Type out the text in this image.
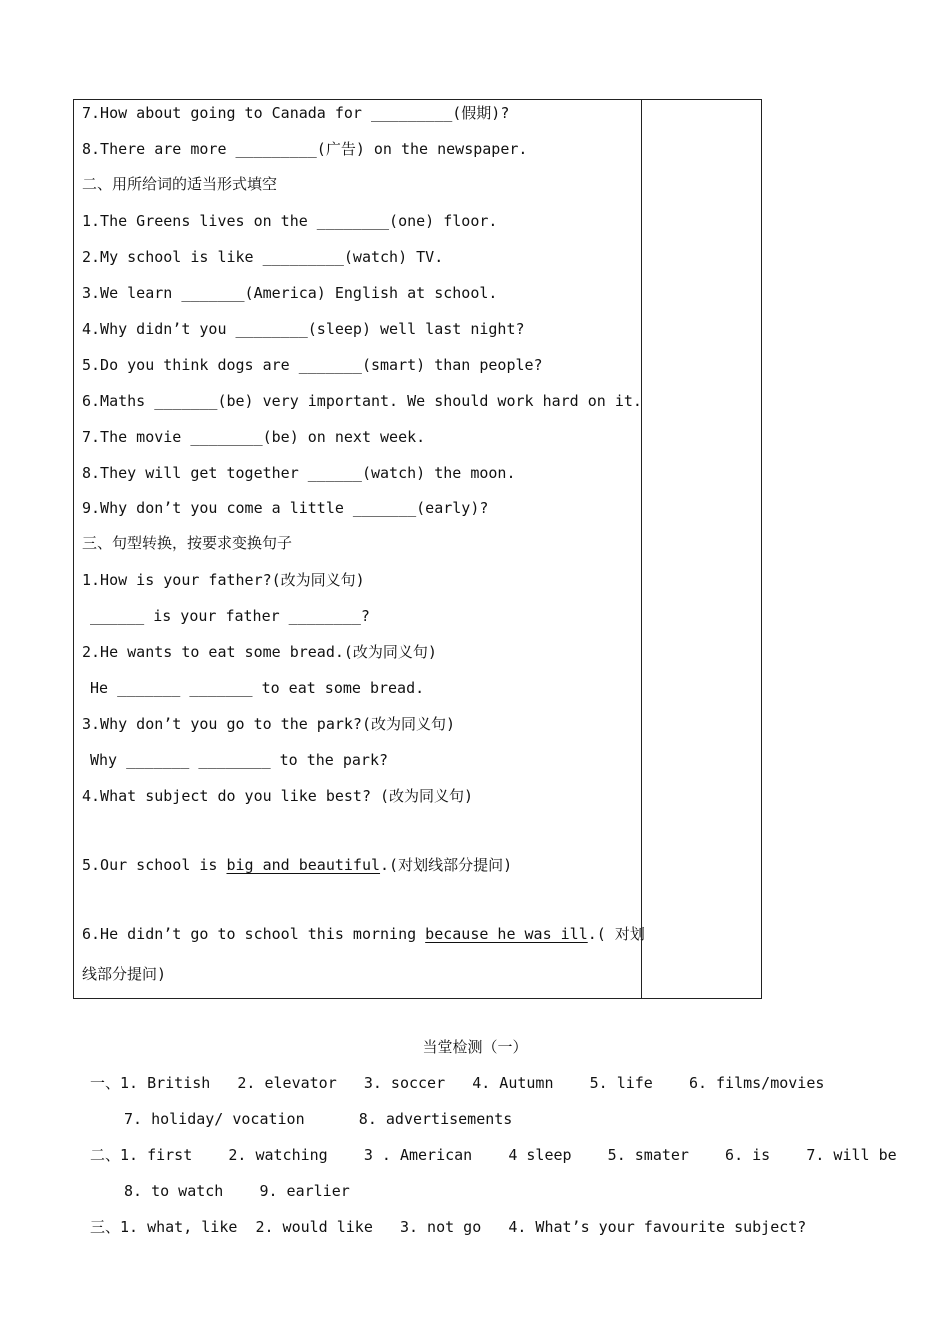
7.How about going to Canada for _________(假期)?
8.There are more _________(广告) on the newspaper.
二、用所给词的适当形式填空
1.The Greens lives on the ________(one) floor.
2.My school is like _________(watch) TV.
3.We learn _______(America) English at school.
4.Why didn’t you ________(sleep) well last night?
5.Do you think dogs are _______(smart) than people?
6.Maths _______(be) very important. We should work hard on it.
7.The movie ________(be) on next week.
8.They will get together ______(watch) the moon.
9.Why don’t you come a little _______(early)?
三、句型转换，按要求变换句子
1.How is your father?(改为同义句)
______ is your father ________?
2.He wants to eat some bread.(改为同义句)
He _______ _______ to eat some bread.
3.Why don’t you go to the park?(改为同义句)
Why _______ ________ to the park?
4.What subject do you like best? (改为同义句)
5.Our school is big and beautiful.(对划线部分提问)
6.He didn’t go to school this morning because he was ill.( 对划
线部分提问)
当堂检测（一）
一、1. British   2. elevator   3. soccer   4. Autumn    5. life    6. films/movies
7. holiday/ vocation      8. advertisements
二、1. first    2. watching    3 . American    4 sleep    5. smater    6. is    7. will be
8. to watch    9. earlier
三、1. what, like  2. would like   3. not go   4. What’s your favourite subject?
